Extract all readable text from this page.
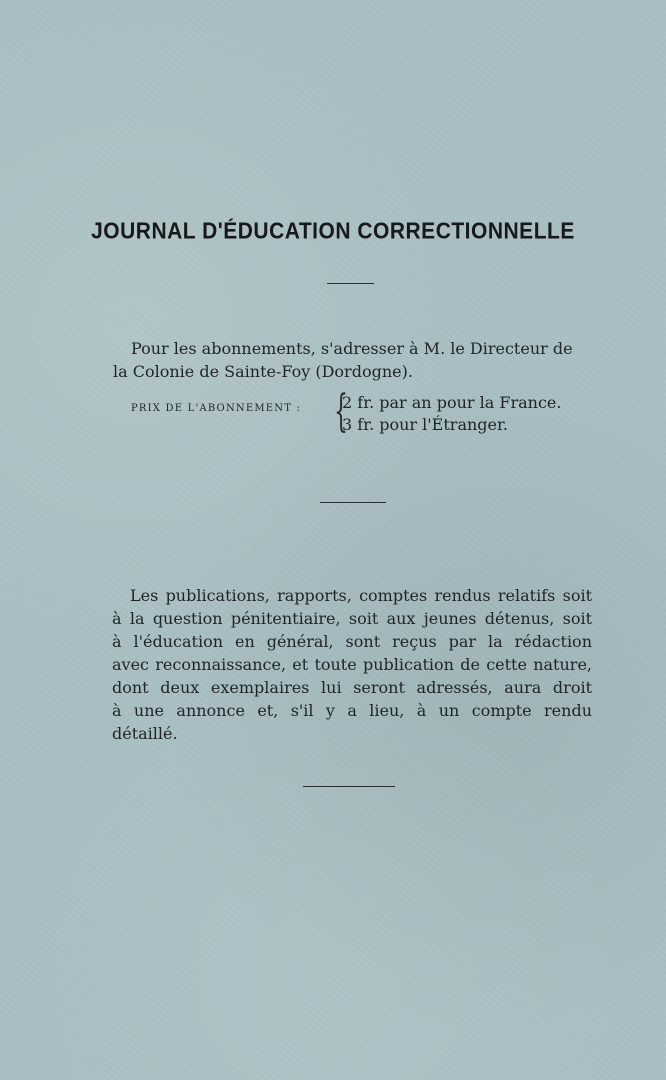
JOURNAL D'ÉDUCATION CORRECTIONNELLE
Pour les abonnements, s'adresser à M. le Directeur de
la Colonie de Sainte-Foy (Dordogne).
PRIX DE L'ABONNEMENT : {
2 fr. par an pour la France.
3 fr. pour l'Étranger.
Les publications, rapports, comptes rendus relatifs soit
à la question pénitentiaire, soit aux jeunes détenus, soit
à l'éducation en général, sont reçus par la rédaction
avec reconnaissance, et toute publication de cette nature,
dont deux exemplaires lui seront adressés, aura droit
à une annonce et, s'il y a lieu, à un compte rendu
détaillé.
